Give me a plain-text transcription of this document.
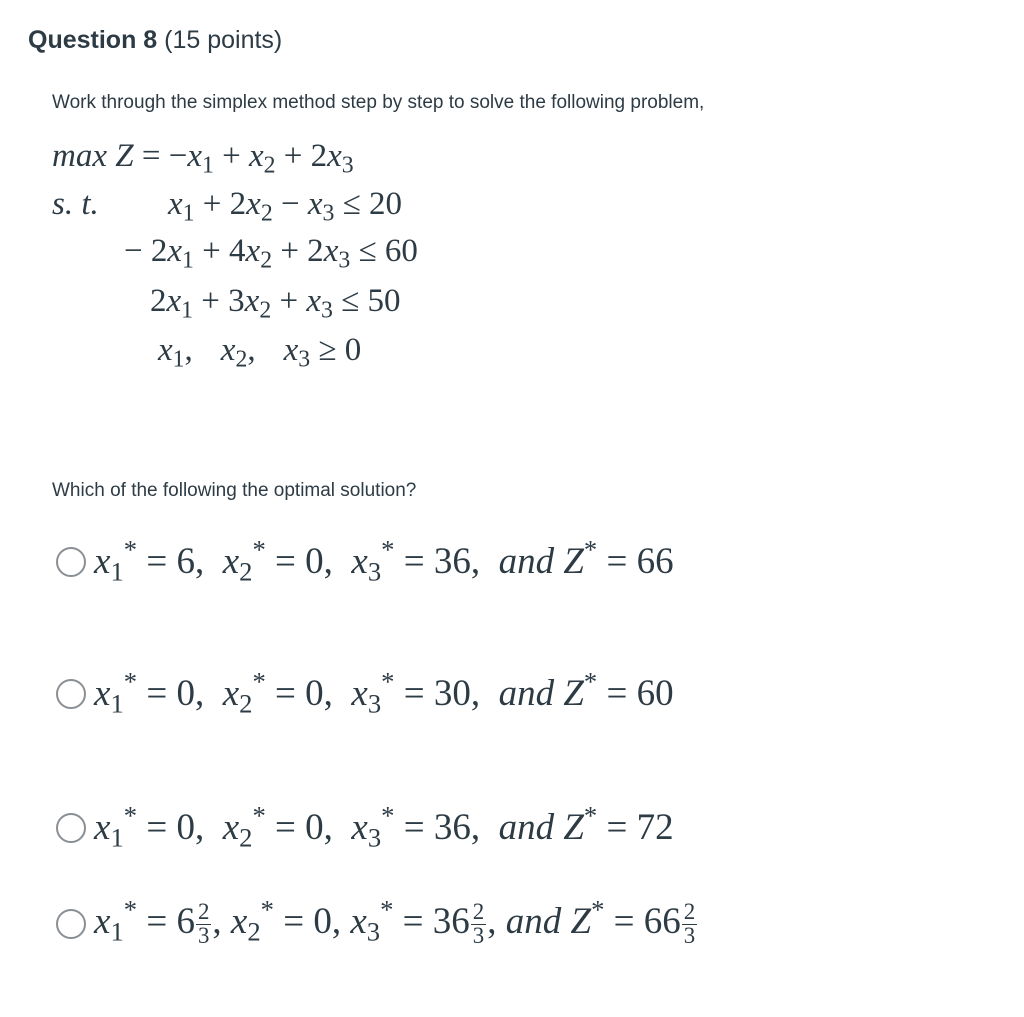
Question 8 (15 points)
Work through the simplex method step by step to solve the following problem,
$\max Z = -x_1 + x_2 + 2x_3$
s. t. $x_1 + 2x_2 - x_3 \le 20$
− $2x_1 + 4x_2 + 2x_3 \le 60$
$2x_1 + 3x_2 + x_3 \le 50$
$x_1$, $x_2$, $x_3 \ge 0$
Which of the following the optimal solution?
$x_1^* = 6$,  $x_2^* = 0$,  $x_3^* = 36$,  and Z* = 66
$x_1^* = 0$,  $x_2^* = 0$,  $x_3^* = 30$,  and Z* = 60
$x_1^* = 0$,  $x_2^* = 0$,  $x_3^* = 36$,  and Z* = 72
$x_1^* = 6 \frac{2}{3}$ , $x_2^* = 0$, $x_3^* = 36 \frac{2}{3}$ , and $Z^* = 66 \frac{2}{3}$
